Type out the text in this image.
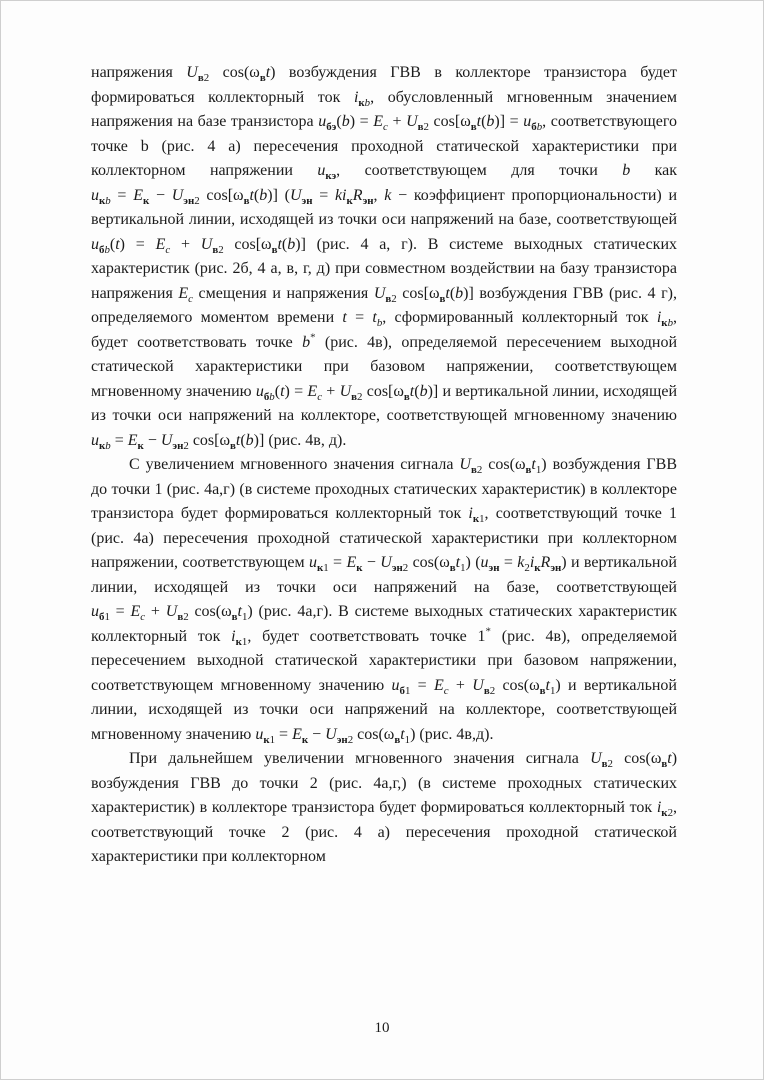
напряжения $U_{в2}$ $\cos(\omega_вt)$ возбуждения ГВВ в коллекторе транзистора будет формироваться коллекторный ток $i_{кb}$, обусловленный мгновенным значением напряжения на базе транзистора $u_{бэ}(b) = E_c + U_{в2}$ $\cos[\omega_вt(b)] = u_{бb}$, соответствующего точке b (рис. 4 а) пересечения проходной статической характеристики при коллекторном напряжении $u_{кэ}$, соответствующем для точки b как $u_{кb} = E_к - U_{эн2}$ $\cos[\omega_вt(b)] (U_{эн} = ki_кR_{эн}$, k − коэффициент пропорциональности) и вертикальной линии, исходящей из точки оси напряжений на базе, соответствующей $u_{бb}(t) = E_c + U_{в2}$ $\cos[\omega_вt(b)]$ (рис. 4 а, г). В системе выходных статических характеристик (рис. 2б, 4 а, в, г, д) при совместном воздействии на базу транзистора напряжения $E_c$ смещения и напряжения $U_{в2}$ $\cos[\omega_вt(b)]$ возбуждения ГВВ (рис. 4 г), определяемого моментом времени $t = t_b$, сформированный коллекторный ток $i_{кb}$, будет соответствовать точке b* (рис. 4в), определяемой пересечением выходной статической характеристики при базовом напряжении, соответствующем мгновенному значению $u_{бb}(t) = E_c + U_{в2}$ $\cos[\omega_вt(b)]$ и вертикальной линии, исходящей из точки оси напряжений на коллекторе, соответствующей мгновенному значению $u_{кb} = E_к - U_{эн2}$ $\cos[\omega_вt(b)]$ (рис. 4в, д).

С увеличением мгновенного значения сигнала $U_{в2}$ $\cos(\omega_вt_1)$ возбуждения ГВВ до точки 1 (рис. 4а,г) (в системе проходных статических характеристик) в коллекторе транзистора будет формироваться коллекторный ток $i_{к1}$, соответствующий точке 1 (рис. 4а) пересечения проходной статической характеристики при коллекторном напряжении, соответствующем $u_{к1} = E_к - U_{эн2}$ $\cos(\omega_вt_1) (u_{эн} = k_2i_кR_{эн})$ и вертикальной линии, исходящей из точки оси напряжений на базе, соответствующей $u_{б1} = E_c + U_{в2}$ $\cos(\omega_вt_1)$ (рис. 4а,г). В системе выходных статических характеристик коллекторный ток $i_{к1}$, будет соответствовать точке 1* (рис. 4в), определяемой пересечением выходной статической характеристики при базовом напряжении, соответствующем мгновенному значению $u_{б1} = E_c + U_{в2}$ $\cos(\omega_вt_1)$ и вертикальной линии, исходящей из точки оси напряжений на коллекторе, соответствующей мгновенному значению $u_{к1} = E_к - U_{эн2}$ $\cos(\omega_вt_1)$ (рис. 4в,д).

При дальнейшем увеличении мгновенного значения сигнала $U_{в2}$ $\cos(\omega_вt)$ возбуждения ГВВ до точки 2 (рис. 4а,г,) (в системе проходных статических характеристик) в коллекторе транзистора будет формироваться коллекторный ток $i_{к2}$, соответствующий точке 2 (рис. 4 а) пересечения проходной статической характеристики при коллекторном

10
